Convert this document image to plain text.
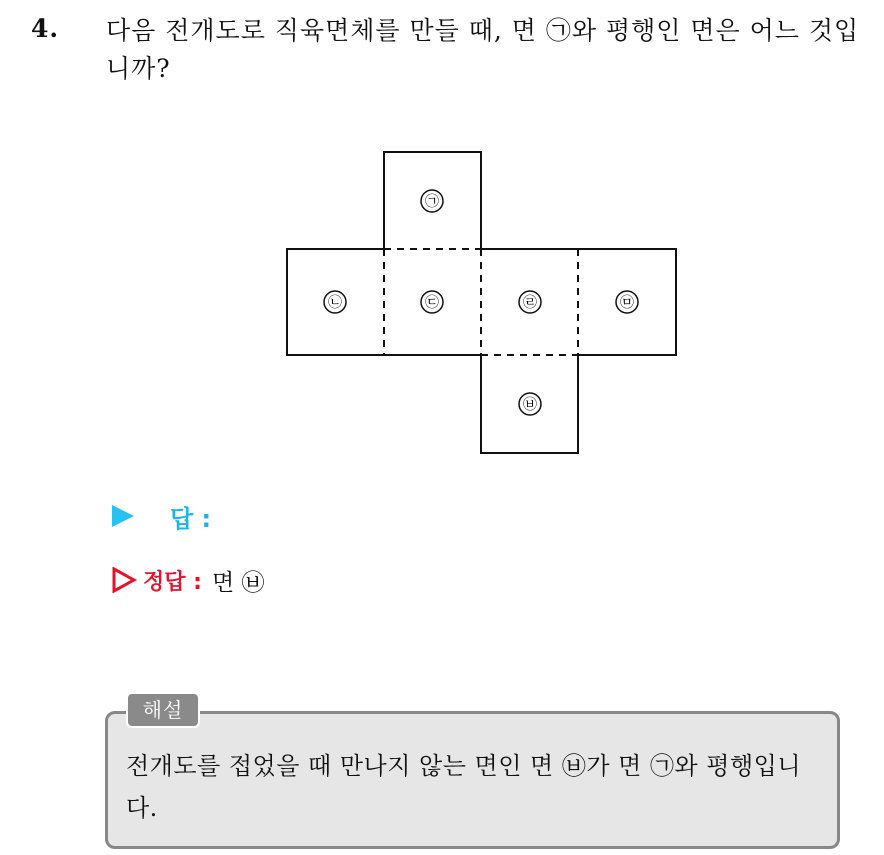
4. 다음 전개도로 직육면체를 만들 때, 면 ㉠와 평행인 면은 어느 것입니까?
㉠
㉡	㉢	㉣	㉤
㉥
답 :
정답 : 면 ㉥
해설
전개도를 접었을 때 만나지 않는 면인 면 ㉥가 면 ㉠와 평행입니다.
